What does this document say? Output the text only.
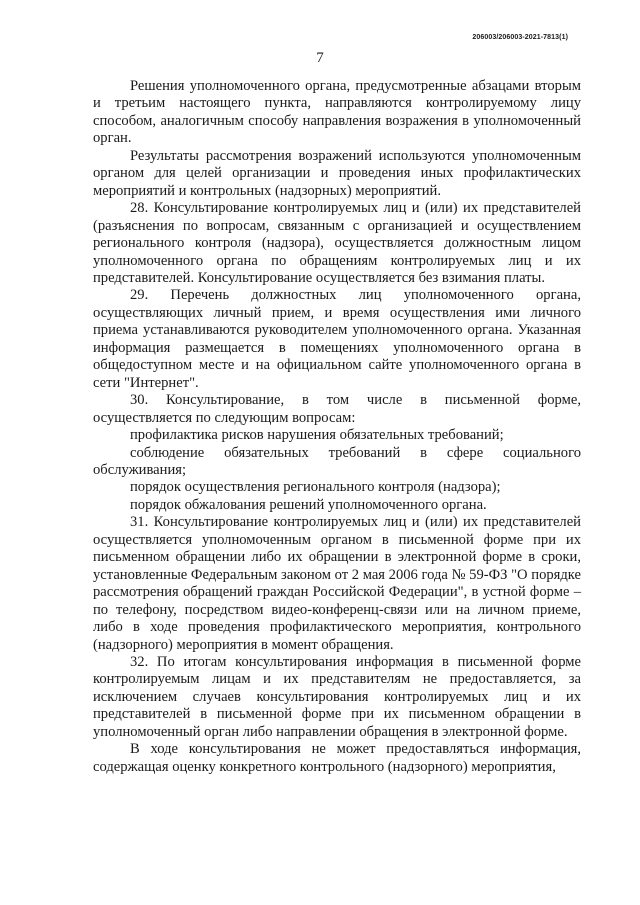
206003/206003-2021-7813(1)
7

Решения уполномоченного органа, предусмотренные абзацами вторым и третьим настоящего пункта, направляются контролируемому лицу способом, аналогичным способу направления возражения в уполномоченный орган.

Результаты рассмотрения возражений используются уполномоченным органом для целей организации и проведения иных профилактических мероприятий и контрольных (надзорных) мероприятий.

28. Консультирование контролируемых лиц и (или) их представителей (разъяснения по вопросам, связанным с организацией и осуществлением регионального контроля (надзора), осуществляется должностным лицом уполномоченного органа по обращениям контролируемых лиц и их представителей. Консультирование осуществляется без взимания платы.

29. Перечень должностных лиц уполномоченного органа, осуществляющих личный прием, и время осуществления ими личного приема устанавливаются руководителем уполномоченного органа. Указанная информация размещается в помещениях уполномоченного органа в общедоступном месте и на официальном сайте уполномоченного органа в сети "Интернет".

30. Консультирование, в том числе в письменной форме, осуществляется по следующим вопросам:

профилактика рисков нарушения обязательных требований;

соблюдение обязательных требований в сфере социального обслуживания;

порядок осуществления регионального контроля (надзора);

порядок обжалования решений уполномоченного органа.

31. Консультирование контролируемых лиц и (или) их представителей осуществляется уполномоченным органом в письменной форме при их письменном обращении либо их обращении в электронной форме в сроки, установленные Федеральным законом от 2 мая 2006 года № 59-ФЗ "О порядке рассмотрения обращений граждан Российской Федерации", в устной форме – по телефону, посредством видео-конференц-связи или на личном приеме, либо в ходе проведения профилактического мероприятия, контрольного (надзорного) мероприятия в момент обращения.

32. По итогам консультирования информация в письменной форме контролируемым лицам и их представителям не предоставляется, за исключением случаев консультирования контролируемых лиц и их представителей в письменной форме при их письменном обращении в уполномоченный орган либо направлении обращения в электронной форме.

В ходе консультирования не может предоставляться информация, содержащая оценку конкретного контрольного (надзорного) мероприятия,
